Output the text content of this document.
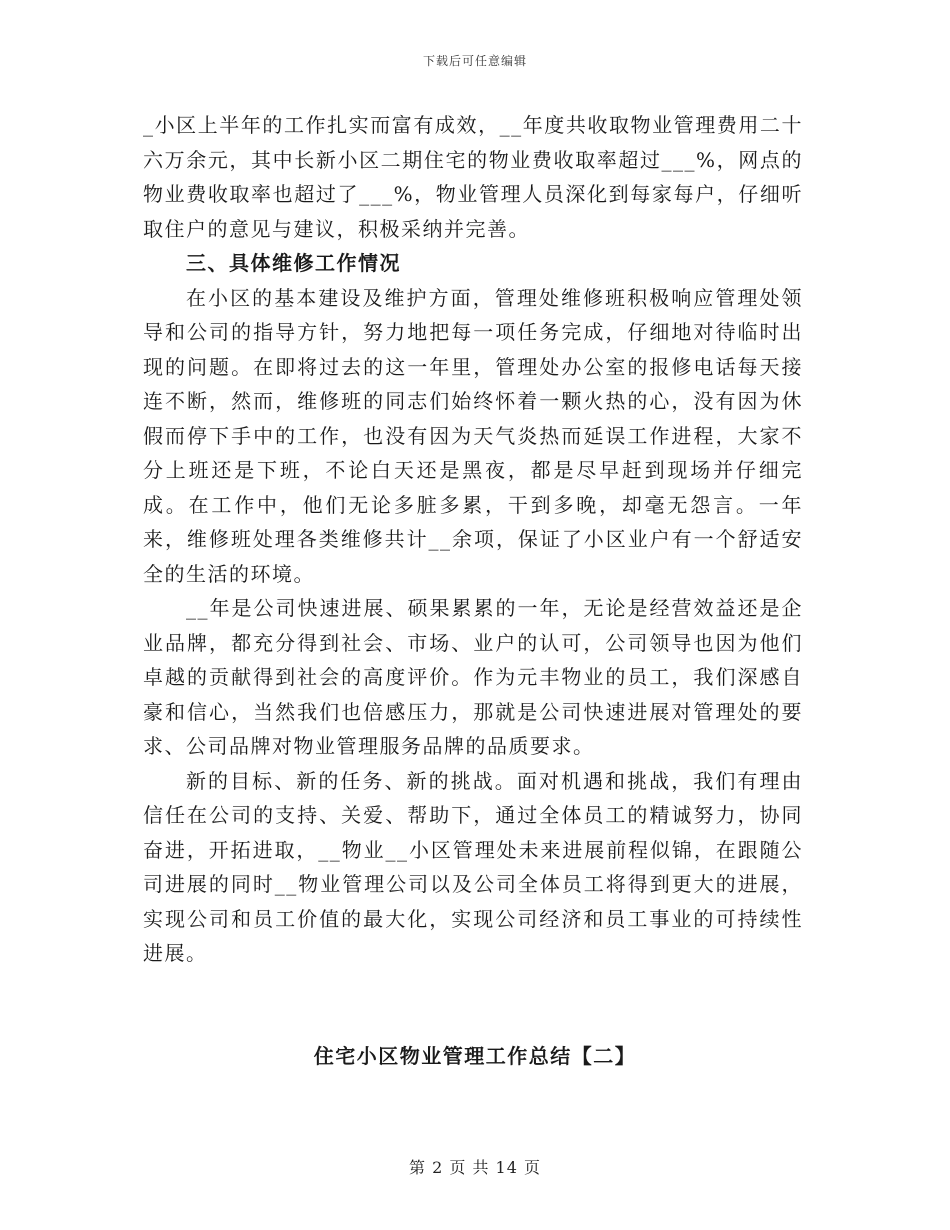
下载后可任意编辑

_小区上半年的工作扎实而富有成效，__年度共收取物业管理费用二十六万余元，其中长新小区二期住宅的物业费收取率超过___%，网点的物业费收取率也超过了___%，物业管理人员深化到每家每户，仔细听取住户的意见与建议，积极采纳并完善。

三、具体维修工作情况

在小区的基本建设及维护方面，管理处维修班积极响应管理处领导和公司的指导方针，努力地把每一项任务完成，仔细地对待临时出现的问题。在即将过去的这一年里，管理处办公室的报修电话每天接连不断，然而，维修班的同志们始终怀着一颗火热的心，没有因为休假而停下手中的工作，也没有因为天气炎热而延误工作进程，大家不分上班还是下班，不论白天还是黑夜，都是尽早赶到现场并仔细完成。在工作中，他们无论多脏多累，干到多晚，却毫无怨言。一年来，维修班处理各类维修共计__余项，保证了小区业户有一个舒适安全的生活的环境。

__年是公司快速进展、硕果累累的一年，无论是经营效益还是企业品牌，都充分得到社会、市场、业户的认可，公司领导也因为他们卓越的贡献得到社会的高度评价。作为元丰物业的员工，我们深感自豪和信心，当然我们也倍感压力，那就是公司快速进展对管理处的要求、公司品牌对物业管理服务品牌的品质要求。

新的目标、新的任务、新的挑战。面对机遇和挑战，我们有理由信任在公司的支持、关爱、帮助下，通过全体员工的精诚努力，协同奋进，开拓进取，__物业__小区管理处未来进展前程似锦，在跟随公司进展的同时__物业管理公司以及公司全体员工将得到更大的进展，实现公司和员工价值的最大化，实现公司经济和员工事业的可持续性进展。

住宅小区物业管理工作总结【二】
第 2 页 共 14 页
